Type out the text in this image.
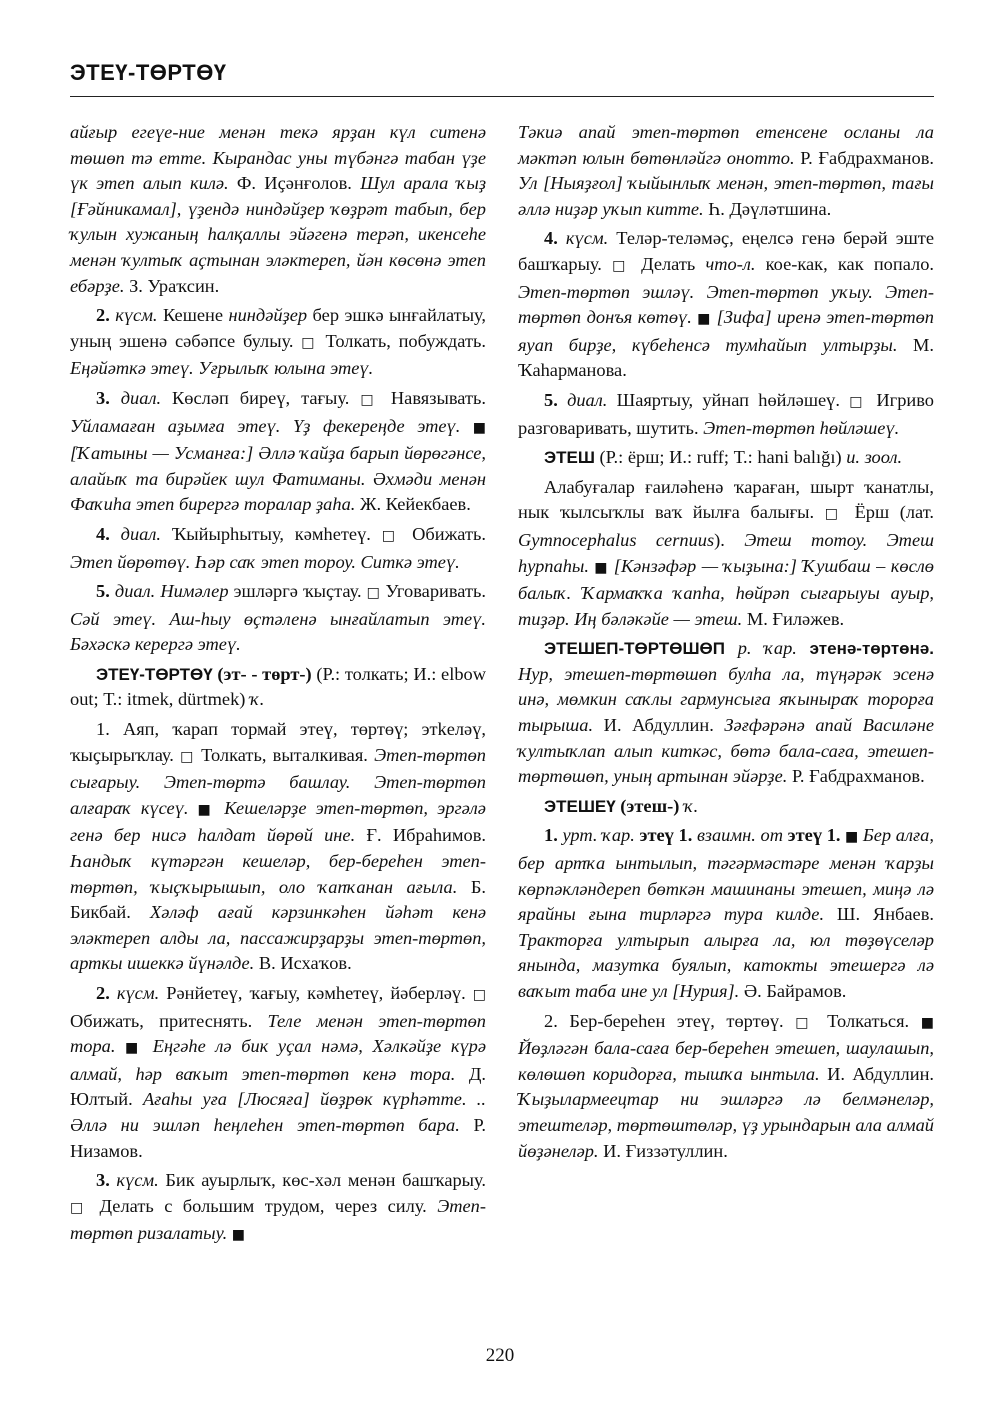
ЭТЕҮ-ТӨРТӨҮ

айғыр егеүе-ние менән текә ярҙан күл ситенә төшөп тә етте. Кырандас уны түбәнгә табан үҙе үк этеп алып килә. Ф. Иҫәнғолов. Шул арала ҡыҙ [Ғәйникамал], үҙендә ниндәйҙер ҡөҙрәт табып, бер ҡулын хужаның һалқаллы эйәгенә терәп, икенсеһе менән ҡултыҡ аҫтынан эләктереп, йән көсөнә этеп ебәрҙе. З. Ураҡсин.

2. күсм. Кешене ниндәйҙер бер эшкә ынғайлатыу, уның эшенә сәбәпсе булыу. □ Толкать, побуждать. Еңәйәткә этеү. Уғрылыҡ юлына этеү.

3. диал. Көсләп биреү, тағыу. □ Навязывать. Уйламаған аҙымға этеү. Үҙ фекереңде этеү. ■ [Ҡатыны — Усманға:] Әллә ҡайҙа барып йөрөгәнсе, алайыҡ та бирәйек шул Фатиманы. Әхмәди менән Фаҡиһа этеп бирергә торалар ҙаһа. Ж. Кейекбаев.

4. диал. Ҡыйырһытыу, кәмһетеү. □ Обижать. Этеп йөрөтөү. Һәр саҡ этеп тороу. Ситкә этеү.

5. диал. Нимәлер эшләргә ҡыҫтау. □ Уговаривать. Сәй этеү. Аш-һыу өҫтәленә ынғайлатып этеү. Бәхәскә керергә этеү.

ЭТЕҮ-ТӨРТӨҮ (эт- - төрт-) (Р.: толкать; И.: elbow out; Т.: itmek, dürtmek) ҡ.

1. Аяп, ҡарап тормай этеү, төртөү; этkeләү, ҡыҫырыҡлау. □ Толкать, выталкивая. Этеп-төртөп сығарыу. Этеп-төртә башлау. Этеп-төртөп алғараҡ күсеү. ■ Кешеләрҙе этеп-төртөп, эргәлә генә бер нисә һалдат йөрөй ине. Ғ. Ибраһимов. Һандыҡ күтәргән кешеләр, бер-береһен этеп-төртөп, ҡыҫҡырышып, оло ҡапҡанан ағыла. Б. Бикбай. Хәләф ағай кәрзинкәһен йәһәт кенә эләктереп алды ла, пассажирҙарҙы этеп-төртөп, арткы ишеккә йүнәлде. В. Исхаҡов.

2. күсм. Рәнйетеү, ҡағыу, кәмһетеү, йәберләү. □ Обижать, притеснять. Теле менән этеп-төртөп тора. ■ Еңгәһе лә бик уҫал нәмә, Хәлкәйҙе күрә алмай, һәр ваҡыт этеп-төртөп кенә тора. Д. Юлтый. Ағаһы уға [Люсяға] йөҙрөк күрһәтте. .. Әллә ни эшләп һеңлеһен этеп-төртөп бара. Р. Низамов.

3. күсм. Бик ауырлыҡ, көс-хәл менән башҡарыу. □ Делать с большим трудом, через силу. Этеп-төртөп ризалатыу. ■

Тәкиә апай этеп-төртөп етенсене осланы ла мәктәп юлын бөтөнләйгә онотто. Р. Ғабдрахманов. Ул [Ныяҙғол] ҡыйынлыҡ менән, этеп-төртөп, тағы әллә ниҙәр уҡып китте. Һ. Дәүләтшина.

4. күсм. Теләр-теләмәҫ, еңелсә генә берәй эште башҡарыу. □ Делать что-л. кое-как, как попало. Этеп-төртөп эшләү. Этеп-төртөп уҡыу. Этеп-төртөп донъя көтөү. ■ [Зифа] иренә этеп-төртөп яуап бирҙе, күбеһенсә тумһайып ултырҙы. М. Ҡаһарманова.

5. диал. Шаяртыу, уйнап һөйләшеү. □ Игриво разговаривать, шутить. Этеп-төртөп һөйләшеү.

ЭТЕШ (Р.: ёрш; И.: ruff; Т.: hani balığı) и. зоол.

Алабуғалар ғаиләһенә ҡараған, шырт ҡанатлы, нык ҡылсыҡлы ваҡ йылға балығы. □ Ёрш (лат. Gymnocephalus cernuus). Этеш тотоу. Этеш һурпаһы. ■ [Кәнзәфәр — ҡыҙына:] Ҡушбаш – көслө балыҡ. Ҡармаҡҡа ҡапһа, һөйрәп сығарыуы ауыр, тиҙәр. Иң бәләкәйе — этеш. М. Ғиләжев.

ЭТЕШЕП-ТӨРТӨШӨП р. ҡар. этенә-төртөнә. Нур, этешеп-төртөшөп булһа ла, түңәрәк эсенә инә, мөмкин саҡлы гармунсыға яҡыныраҡ торорға тырыша. И. Абдуллин. Зәғфәрәнә апай Василәне ҡултыҡлап алып киткәс, бөтә бала-саға, этешеп-төртөшөп, уның артынан эйәрҙе. Р. Ғабдрахманов.

ЭТЕШЕҮ (этеш-) ҡ.

1. урт. ҡар. этеү 1. взаимн. от этеү 1. ■ Бер алға, бер артҡа ынтылып, тәгәрмәстәре менән ҡарҙы көрпәкләндереп бөткән машинаны этешеп, миңә лә ярайны ғына тирләргә тура килде. Ш. Янбаев. Тракторға ултырып алырға ла, юл төҙөүселәр янында, мазутка буялып, катокты этешергә лә ваҡыт таба ине ул [Нурия]. Ә. Байрамов.

2. Бер-береһен этеү, төртөү. □ Толкаться. ■ Йөҙләгән бала-саға бер-береһен этешеп, шаулашып, көлөшөп коридорға, тышҡа ынтыла. И. Абдуллин. Ҡыҙылармеецтар ни эшләргә лә белмәнеләр, этештеләр, төртөштөләр, үҙ урындарын ала алмай йөҙәнеләр. И. Ғиззәтуллин.

220
